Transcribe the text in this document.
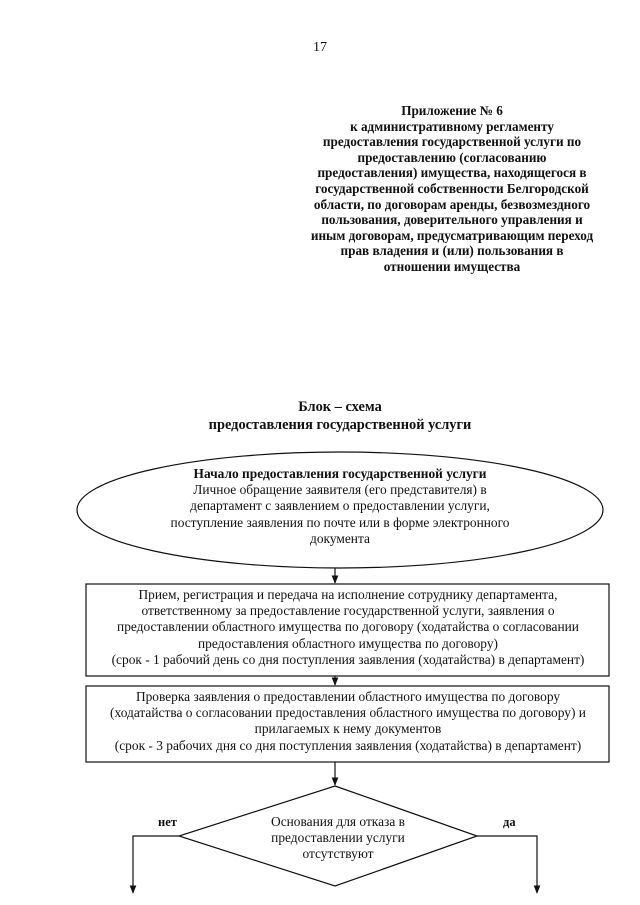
17
Приложение № 6
к административному регламенту
предоставления государственной услуги по
предоставлению (согласованию
предоставления) имущества, находящегося в
государственной собственности Белгородской
области, по договорам аренды, безвозмездного
пользования, доверительного управления и
иным договорам, предусматривающим переход
прав владения и (или) пользования в
отношении имущества
Блок – схема
предоставления государственной услуги
Начало предоставления государственной услуги
Личное обращение заявителя (его представителя) в
департамент с заявлением о предоставлении услуги,
поступление заявления по почте или в форме электронного
документа
Прием, регистрация и передача на исполнение сотруднику департамента,
ответственному за предоставление государственной услуги, заявления о
предоставлении областного имущества по договору (ходатайства о согласовании
предоставления областного имущества по договору)
(срок - 1 рабочий день со дня поступления заявления (ходатайства) в департамент)
Проверка заявления о предоставлении областного имущества по договору
(ходатайства о согласовании предоставления областного имущества по договору) и
прилагаемых к нему документов
(срок - 3 рабочих дня со дня поступления заявления (ходатайства) в департамент)
Основания для отказа в
предоставлении услуги
отсутствуют
нет	да
